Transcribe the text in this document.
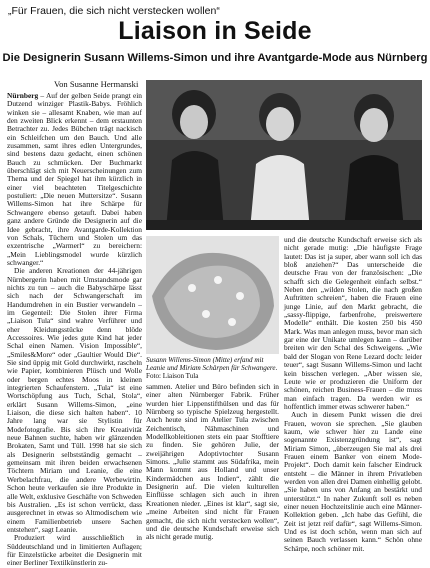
„Für Frauen, die sich nicht verstecken wollen“
Liaison in Seide
Die Designerin Susann Willems-Simon und ihre Avantgarde-Mode aus Nürnberg
Von Susanne Hermanski
Susann Willems-Simon (Mitte) erfand mit Leanie und Miriam Schärpen für Schwangere. Foto: Liaison Tula

Nürnberg – Auf der gelben Seide prangt ein Dutzend winziger Plastik-Babys. Fröhlich winken sie – allesamt Knaben, wie man auf den zweiten Blick erkennt – dem erstaunten Betrachter zu. Jedes Bübchen trägt nackisch ein Schleifchen um den Bauch. Und alle zusammen, samt ihres edlen Untergrundes, sind bestens dazu gedacht, einen schönen Bauch zu schmücken. Der Buchmarkt überschlägt sich mit Neuerscheinungen zum Thema und der Spiegel hat ihm kürzlich in einer viel beachteten Titelgeschichte postuliert: „Die neuen Muttersitze“. Susann Willems-Simon hat ihre Schärpe für Schwangere ebenso getauft. Dabei haben ganz andere Gründe die Designerin auf die Idee gebracht, ihre Avantgarde-Kollektion von Schals, Tüchern und Stolen um das exzentrische „Warmerl“ zu bereichern: „Mein Lieblingsmodel wurde kürzlich schwanger.“

Die anderen Kreationen der 44-jährigen Nürnbergerin haben mit Umstandsmode gar nichts zu tun – auch die Babyschärpe lässt sich nach der Schwangerschaft im Handumdrehen in ein Bustier verwandeln – im Gegenteil: Die Stolen ihrer Firma „Liaison Tula“ sind wahre Verführer und eher Kleidungsstücke denn blöde Accessoires. Wie jedes gute Kind hat jeder Schal einen Namen. Vision Impossible“, „Smiles&More“ oder „Gaultier Would Die“. Sie sind üppig mit Gold durchwirkt, rascheln wie Papier, kombinieren Plüsch und Wolle oder bergen echtes Moos in kleinen integrierten Schaufenstern. „Tula“ ist eine Wortschöpfung aus Tuch, Schal, Stola“, erklärt Susann Willems-Simon, „eine Liaison, die diese sich halten haben“. 10 Jahre lang war sie Stylistin für Modefotografie. Bis sich ihre Kreativität neue Bahnen suchte, haben wir glänzenden Brokaten, Samt und Tüll. 1998 hat sie sich als Designerin selbstständig gemacht – gemeinsam mit ihren beiden erwachsenen Töchtern Miriam und Leanie, die eine Werbelachfrau, die andere Werbewirtin. Schon heute verkaufen sie ihre Produkte in alle Welt, exklusive Geschäfte von Schweden bis Australien. „Es ist schon verrückt, dass ausgerechnet in etwas so Altmodischem wie einem Familienbetrieb unsere Sachen entstehen“, sagt Leanie.

Produziert wird ausschließlich in Süddeutschland und in limitierten Auflagen; für Einzelstücke arbeitet die Designerin mit einer Berliner Textilkünstlerin zu-

sammen. Atelier und Büro befinden sich in einer alten Nürnberger Fabrik. Früher wurden hier Lippenstifthülsen und das für Nürnberg so typische Spielzeug hergestellt. Auch heute sind im Atelier Tula zwischen Zeichentisch, Nähmaschinen und Modellkobleitionen stets ein paar Stofftiere zu finden. Sie gehören Julie, der zweijährigen Adoptivtochter Susann Simons. „Julie stammt aus Südafrika, mein Mann kommt aus Holland und unser Kindermädchen aus Indien“, zählt die Designerin auf. Die vielen kulturellen Einflüsse schlagen sich auch in ihren Kreationen nieder. „Eines ist klar“, sagt sie, „meine Arbeiten sind nicht für Frauen gemacht, die sich nicht verstecken wollen“, und die deutsche Kundschaft erweise sich als nicht gerade mutig.

und die deutsche Kundschaft erweise sich als nicht gerade mutig: „Die häufigste Frage lautet: Das ist ja super, aber wann soll ich das bloß anziehen?“ Das unterscheide die deutsche Frau von der französischen: „Die schafft sich die Gelegenheit einfach selbst.“ Neben den „wilden Stolen, die nach großen Auftritten schreien“, haben die Frauen eine junge Linie, auf den Markt gebracht, die „sassy-flippige, farbenfrohe, preiswertere Modelle“ enthält. Die kosten 250 bis 450 Mark. Was man anlegen muss, bevor man sich gar eine der Unikate umlegen kann – darüber breiten wir den Schal des Schweigens. „Wie bald der Slogan von Rene Lezard doch: leider teuer“, sagt Susann Willems-Simon und lacht kein bisschen verlegen. „Aber wissen sie, Leute wie er produzieren die Uniform der schönen, reichen Business-Frauen – die muss man einfach tragen. Da werden wir es hoffentlich immer etwas schwerer haben.“

Auch in diesem Punkt wissen die drei Frauen, wovon sie sprechen. „Sie glauben kaum, wie schwer hier zu Lande eine sogenannte Existenzgründung ist“, sagt Miriam Simon, „überzeugen Sie mal als drei Frauen einem Banker von einem Mode-Projekt“. Doch damit kein falscher Eindruck entsteht – die Männer in ihrem Privatleben werden von allen drei Damen einhellig gelobt. „Sie haben uns von Anfang an bestärkt und unterstützt.“ In naher Zukunft soll es neben einer neuen Hochzeitslinie auch eine Männer-Kollektion geben. „Ich habe das Gefühl, die Zeit ist jetzt reif dafür“, sagt Willems-Simon. Und es ist doch schön, wenn man sich auf seinen Bauch verlassen kann.“ Schön ohne Schärpe, noch schöner mit.
